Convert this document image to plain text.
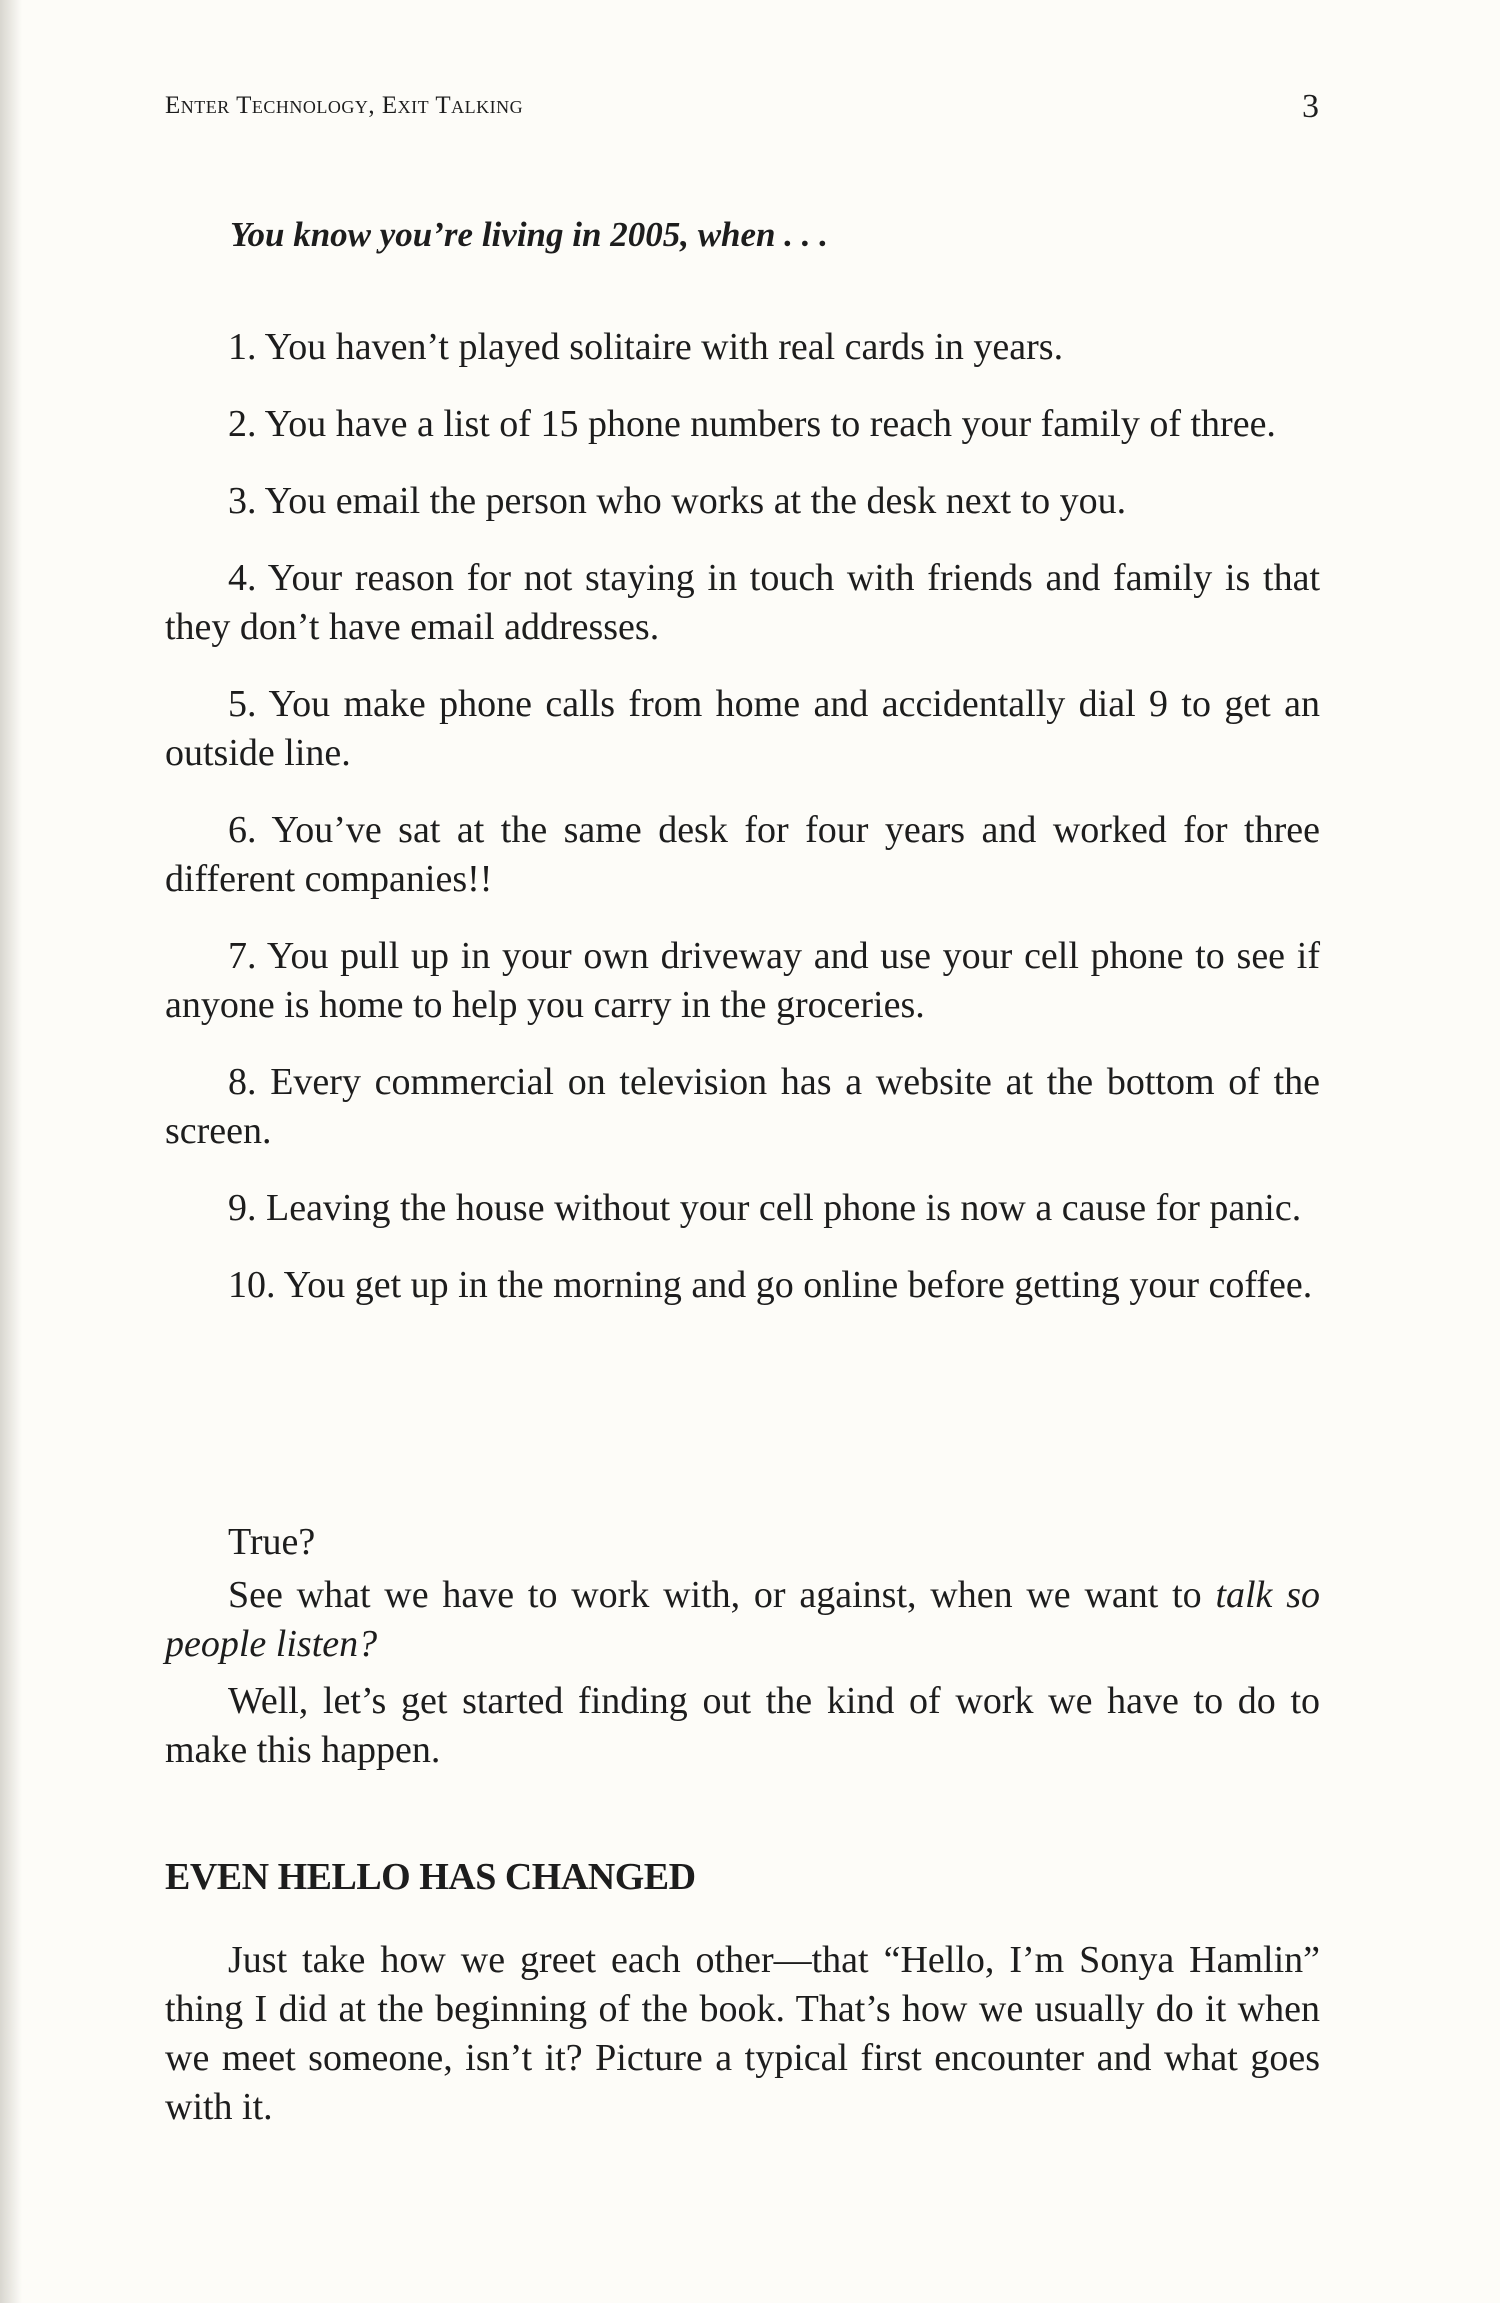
Enter Technology, Exit Talking	3
You know you’re living in 2005, when . . .
1. You haven’t played solitaire with real cards in years.
2. You have a list of 15 phone numbers to reach your family of three.
3. You email the person who works at the desk next to you.
4. Your reason for not staying in touch with friends and family is that they don’t have email addresses.
5. You make phone calls from home and accidentally dial 9 to get an outside line.
6. You’ve sat at the same desk for four years and worked for three different companies!!
7. You pull up in your own driveway and use your cell phone to see if anyone is home to help you carry in the groceries.
8. Every commercial on television has a website at the bottom of the screen.
9. Leaving the house without your cell phone is now a cause for panic.
10. You get up in the morning and go online before getting your coffee.

True?

See what we have to work with, or against, when we want to talk so people listen?

Well, let’s get started finding out the kind of work we have to do to make this happen.

EVEN HELLO HAS CHANGED

Just take how we greet each other—that “Hello, I’m Sonya Hamlin” thing I did at the beginning of the book. That’s how we usually do it when we meet someone, isn’t it? Picture a typical first encounter and what goes with it.
